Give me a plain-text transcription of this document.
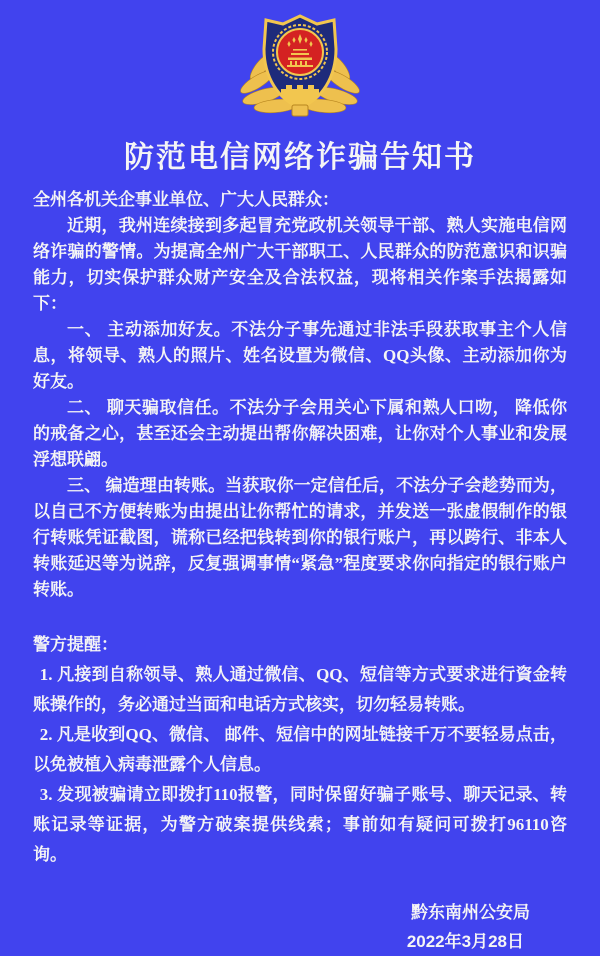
防范电信网络诈骗告知书

全州各机关企事业单位、广大人民群众：

近期，我州连续接到多起冒充党政机关领导干部、熟人实施电信网络诈骗的警情。为提高全州广大干部职工、人民群众的防范意识和识骗能力，切实保护群众财产安全及合法权益，现将相关作案手法揭露如下：

一、 主动添加好友。不法分子事先通过非法手段获取事主个人信息，将领导、熟人的照片、姓名设置为微信、QQ头像、主动添加你为好友。

二、 聊天骗取信任。不法分子会用关心下属和熟人口吻， 降低你的戒备之心，甚至还会主动提出帮你解决困难，让你对个人事业和发展浮想联翩。

三、 编造理由转账。当获取你一定信任后，不法分子会趁势而为，以自己不方便转账为由提出让你帮忙的请求，并发送一张虚假制作的银行转账凭证截图，谎称已经把钱转到你的银行账户，再以跨行、非本人转账延迟等为说辞，反复强调事情“紧急”程度要求你向指定的银行账户转账。

警方提醒：

1. 凡接到自称领导、熟人通过微信、QQ、短信等方式要求进行資金转账操作的，务必通过当面和电话方式核实，切勿轻易转账。

2. 凡是收到QQ、微信、 邮件、短信中的网址链接千万不要轻易点击，以免被植入病毒泄露个人信息。

3. 发现被骗请立即拨打110报警，同时保留好骗子账号、聊天记录、转账记录等证据，为警方破案提供线索；事前如有疑问可拨打96110咨询。

黔东南州公安局
2022年3月28日
